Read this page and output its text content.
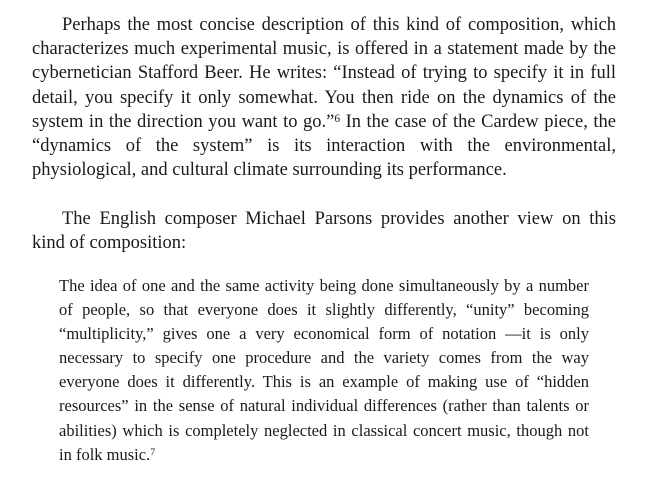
Perhaps the most concise description of this kind of composition, which characterizes much experimental music, is offered in a statement made by the cybernetician Stafford Beer. He writes: “Instead of trying to specify it in full detail, you specify it only somewhat. You then ride on the dynamics of the system in the direction you want to go.”$^6$ In the case of the Cardew piece, the “dynamics of the system” is its interaction with the environmental, physiological, and cultural climate surrounding its performance.

The English composer Michael Parsons provides another view on this kind of composition:

The idea of one and the same activity being done simultaneously by a number of people, so that everyone does it slightly differently, “unity” becoming “multiplicity,” gives one a very economical form of notation —it is only necessary to specify one procedure and the variety comes from the way everyone does it differently. This is an example of making use of “hidden resources” in the sense of natural individual differences (rather than talents or abilities) which is completely neglected in classical concert music, though not in folk music.$^7$
